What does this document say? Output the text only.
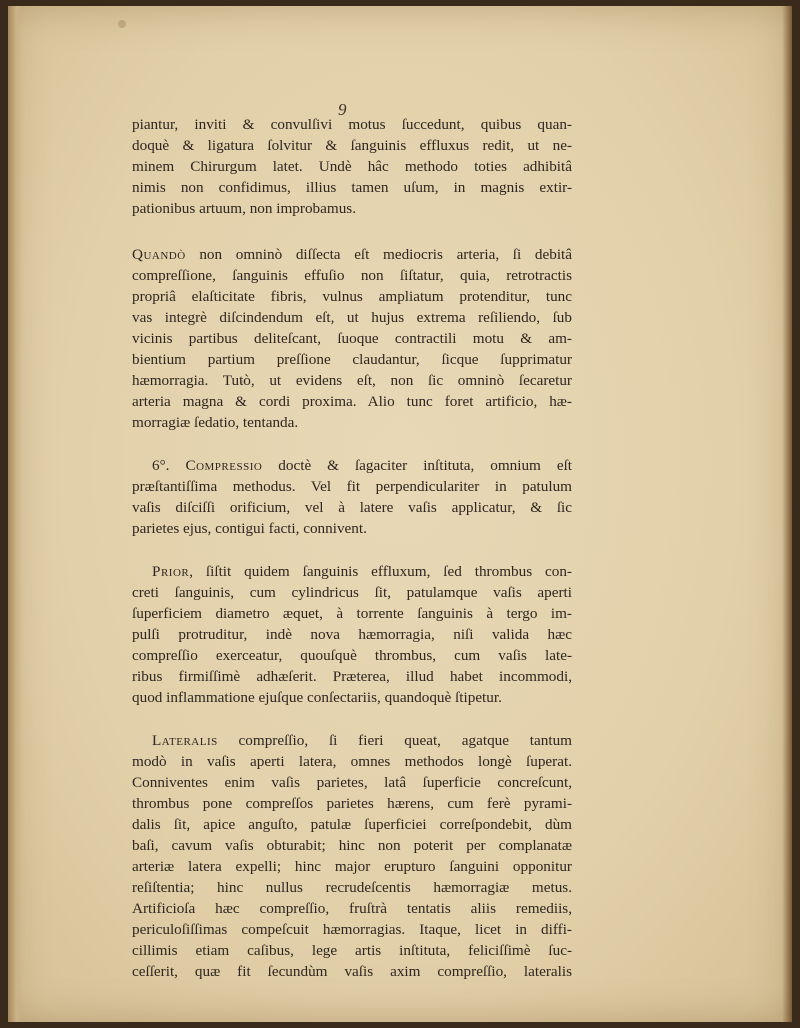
9
piantur, inviti & convulſivi motus ſuccedunt, quibus quan-
doquè & ligatura ſolvitur & ſanguinis effluxus redit, ut ne-
minem Chirurgum latet. Undè hâc methodo toties adhibitâ
nimis non confidimus, illius tamen uſum, in magnis extir-
pationibus artuum, non improbamus.
Quandò non omninò diſſecta eſt mediocris arteria, ſi debitâ
compreſſione, ſanguinis effuſio non ſiſtatur, quia, retrotractis
propriâ elaſticitate fibris, vulnus ampliatum protenditur, tunc
vas integrè diſcindendum eſt, ut hujus extrema reſiliendo, ſub
vicinis partibus deliteſcant, ſuoque contractili motu & am-
bientium partium preſſione claudantur, ſicque ſupprimatur
hæmorragia. Tutò, ut evidens eſt, non ſic omninò ſecaretur
arteria magna & cordi proxima. Alio tunc foret artificio, hæ-
morragiæ ſedatio, tentanda.
6°. Compressio doctè & ſagaciter inſtituta, omnium eſt
præſtantiſſima methodus. Vel fit perpendiculariter in patulum
vaſis diſciſſi orificium, vel à latere vaſis applicatur, & ſic
parietes ejus, contigui facti, connivent.
Prior, ſiſtit quidem ſanguinis effluxum, ſed thrombus con-
creti ſanguinis, cum cylindricus ſit, patulamque vaſis aperti
ſuperficiem diametro æquet, à torrente ſanguinis à tergo im-
pulſi protruditur, indè nova hæmorragia, niſi valida hæc
compreſſio exerceatur, quouſquè thrombus, cum vaſis late-
ribus firmiſſimè adhæſerit. Præterea, illud habet incommodi,
quod inflammatione ejuſque conſectariis, quandoquè ſtipetur.
Lateralis compreſſio, ſi fieri queat, agatque tantum
modò in vaſis aperti latera, omnes methodos longè ſuperat.
Conniventes enim vaſis parietes, latâ ſuperficie concreſcunt,
thrombus pone compreſſos parietes hærens, cum ferè pyrami-
dalis ſit, apice anguſto, patulæ ſuperficiei correſpondebit, dùm
baſi, cavum vaſis obturabit; hinc non poterit per complanatæ
arteriæ latera expelli; hinc major erupturo ſanguini opponitur
reſiſtentia; hinc nullus recrudeſcentis hæmorragiæ metus.
Artificioſa hæc compreſſio, fruſtrà tentatis aliis remediis,
periculoſiſſimas compeſcuit hæmorragias. Itaque, licet in diffi-
cillimis etiam caſibus, lege artis inſtituta, feliciſſimè ſuc-
ceſſerit, quæ fit ſecundùm vaſis axim compreſſio, lateralis
